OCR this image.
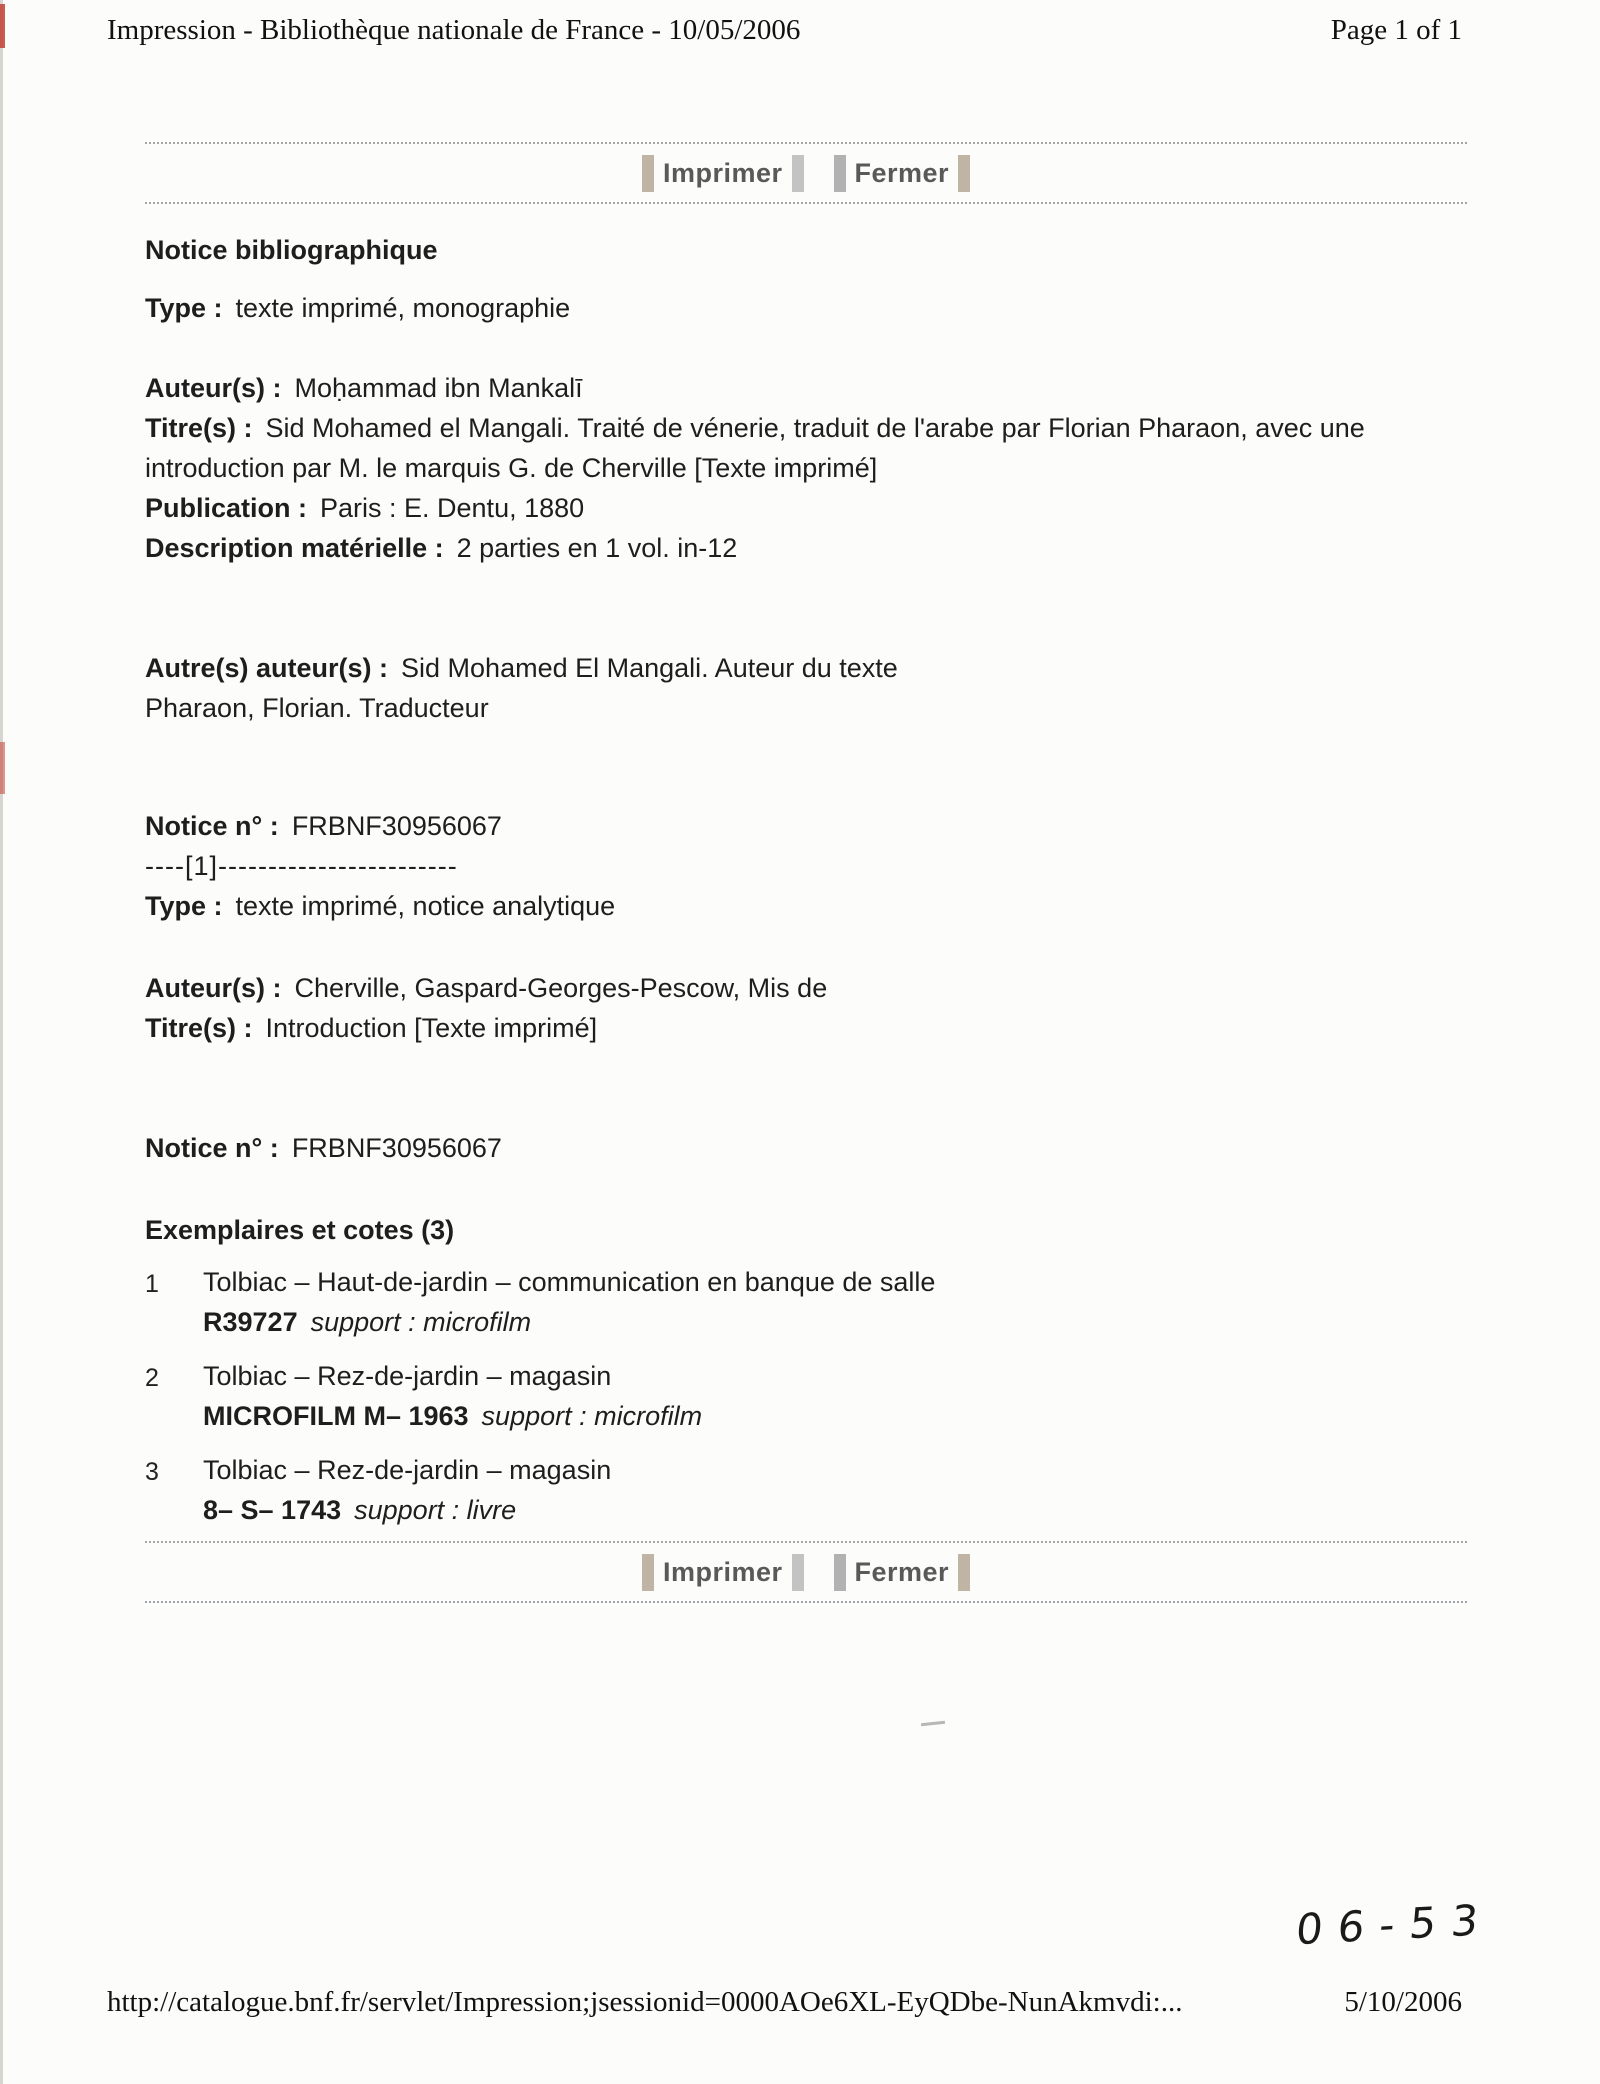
Impression - Bibliothèque nationale de France - 10/05/2006	Page 1 of 1
Imprimer	Fermer

Notice bibliographique

Type : texte imprimé, monographie

Auteur(s) : Moḥammad ibn Mankalī

Titre(s) : Sid Mohamed el Mangali. Traité de vénerie, traduit de l'arabe par Florian Pharaon, avec une introduction par M. le marquis G. de Cherville [Texte imprimé]

Publication : Paris : E. Dentu, 1880

Description matérielle : 2 parties en 1 vol. in-12

Autre(s) auteur(s) : Sid Mohamed El Mangali. Auteur du texte

Pharaon, Florian. Traducteur

Notice n° : FRBNF30956067

----[1]------------------------

Type : texte imprimé, notice analytique

Auteur(s) : Cherville, Gaspard-Georges-Pescow, Mis de

Titre(s) : Introduction [Texte imprimé]

Notice n° : FRBNF30956067

Exemplaires et cotes (3)

1	Tolbiac – Haut-de-jardin – communication en banque de salle

R39727 support : microfilm

2	Tolbiac – Rez-de-jardin – magasin

MICROFILM M– 1963 support : microfilm

3	Tolbiac – Rez-de-jardin – magasin

8– S– 1743 support : livre

Imprimer	Fermer
06-53
http://catalogue.bnf.fr/servlet/Impression;jsessionid=0000AOe6XL-EyQDbe-NunAkmvdi:...	5/10/2006
